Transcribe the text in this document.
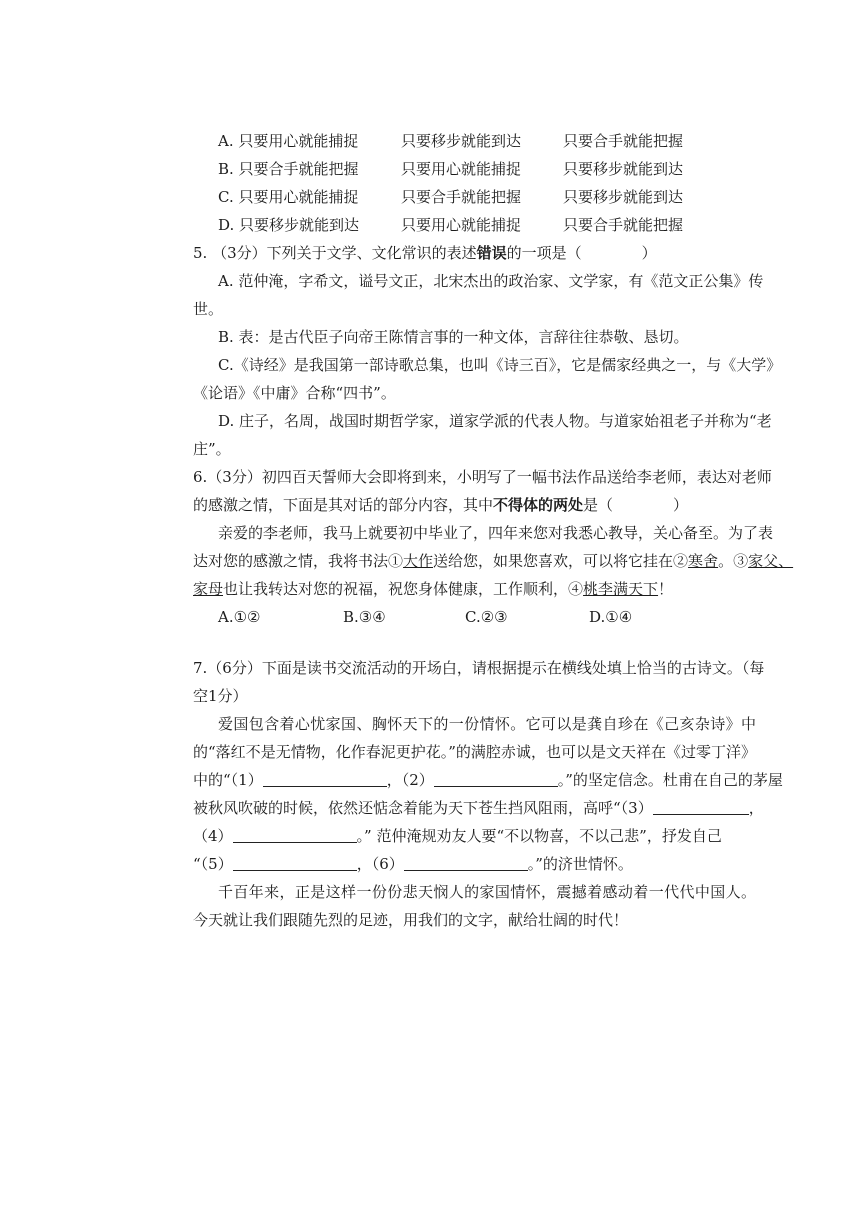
A. 只要用心就能捕捉	只要移步就能到达	只要合手就能把握
B. 只要合手就能把握	只要用心就能捕捉	只要移步就能到达
C. 只要用心就能捕捉	只要合手就能把握	只要移步就能到达
D. 只要移步就能到达	只要用心就能捕捉	只要合手就能把握
5. （3分）下列关于文学、文化常识的表述错误的一项是（　　　　）
A. 范仲淹，字希文，谥号文正，北宋杰出的政治家、文学家，有《范文正公集》传
世。
B. 表：是古代臣子向帝王陈情言事的一种文体，言辞往往恭敬、恳切。
C.《诗经》是我国第一部诗歌总集，也叫《诗三百》，它是儒家经典之一，与《大学》
《论语》《中庸》合称“四书”。
D. 庄子，名周，战国时期哲学家，道家学派的代表人物。与道家始祖老子并称为“老
庄”。
6.（3分）初四百天誓师大会即将到来，小明写了一幅书法作品送给李老师，表达对老师
的感激之情，下面是其对话的部分内容，其中不得体的两处是（　　　　）
亲爱的李老师，我马上就要初中毕业了，四年来您对我悉心教导，关心备至。为了表
达对您的感激之情，我将书法①大作送给您，如果您喜欢，可以将它挂在②寒舍。③家父、
家母也让我转达对您的祝福，祝您身体健康，工作顺利，④桃李满天下！
A.①②	B.③④	C.②③	D.①④
7.（6分）下面是读书交流活动的开场白，请根据提示在横线处填上恰当的古诗文。（每
空1分）
爱国包含着心忧家国、胸怀天下的一份情怀。它可以是龚自珍在《己亥杂诗》中
的“落红不是无情物，化作春泥更护花。”的满腔赤诚，也可以是文天祥在《过零丁洋》
中的“（1）	，（2）	。”的坚定信念。杜甫在自己的茅屋
被秋风吹破的时候，依然还惦念着能为天下苍生挡风阻雨，高呼“（3）	，
（4）	。” 范仲淹规劝友人要“不以物喜，不以己悲”，抒发自己
“（5）	，（6）	。”的济世情怀。
千百年来，正是这样一份份悲天悯人的家国情怀，震撼着感动着一代代中国人。
今天就让我们跟随先烈的足迹，用我们的文字，献给壮阔的时代！
